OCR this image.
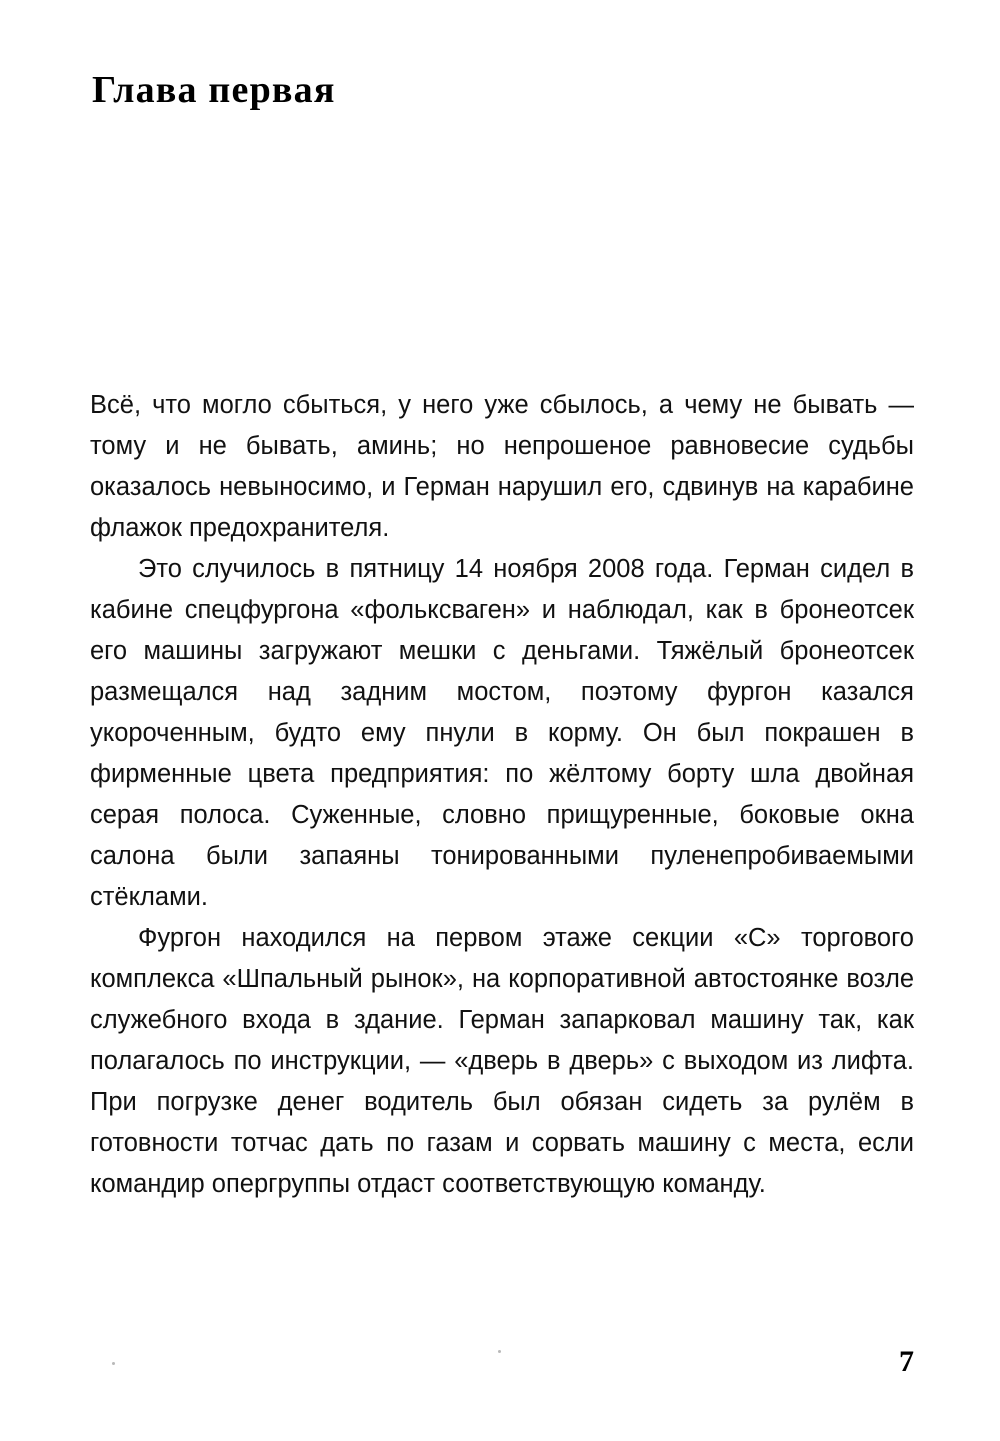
Глава первая

Всё, что могло сбыться, у него уже сбылось, а чему не бывать — тому и не бывать, аминь; но непрошеное равновесие судьбы оказалось невыносимо, и Герман нарушил его, сдвинув на карабине флажок предохранителя.

Это случилось в пятницу 14 ноября 2008 года. Герман сидел в кабине спецфургона «фольксваген» и наблюдал, как в бронеотсек его машины загружают мешки с деньгами. Тяжёлый бронеотсек размещался над задним мостом, поэтому фургон казался укороченным, будто ему пнули в корму. Он был покрашен в фирменные цвета предприятия: по жёлтому борту шла двойная серая полоса. Суженные, словно прищуренные, боковые окна салона были запаяны тонированными пуленепробиваемыми стёклами.

Фургон находился на первом этаже секции «С» торгового комплекса «Шпальный рынок», на корпоративной автостоянке возле служебного входа в здание. Герман запарковал машину так, как полагалось по инструкции, — «дверь в дверь» с выходом из лифта. При погрузке денег водитель был обязан сидеть за рулём в готовности тотчас дать по газам и сорвать машину с места, если командир опергруппы отдаст соответствующую команду.

7
